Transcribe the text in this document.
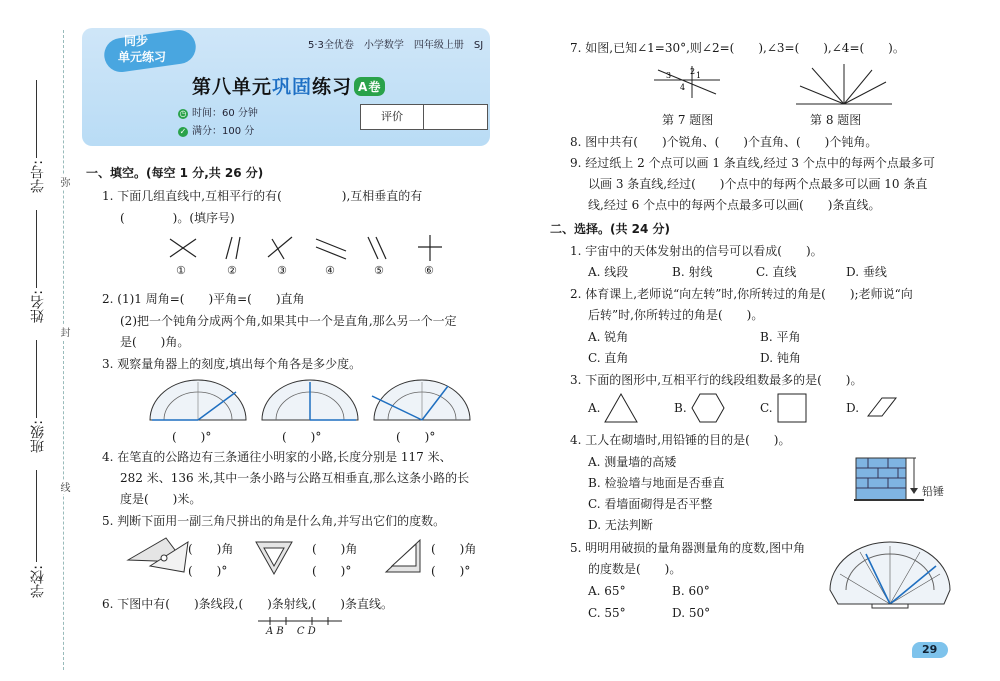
学号:
姓名:
班级:
学校:
弥
封
线
同步
单元练习
5·3全优卷　小学数学　四年级上册　SJ
第八单元巩固练习 A卷
◷ 时间：60 分钟
✓ 满分：100 分
评价
一、填空。(每空 1 分,共 26 分)
1. 下面几组直线中,互相平行的有(　　　　　),互相垂直的有
(　　　　)。(填序号)
①	②	③	④	⑤	⑥
2. (1)1 周角=(　　)平角=(　　)直角
(2)把一个钝角分成两个角,如果其中一个是直角,那么另一个一定
是(　　)角。
3. 观察量角器上的刻度,填出每个角各是多少度。
(　　)°	(　　)°	(　　)°
4. 在笔直的公路边有三条通往小明家的小路,长度分别是 117 米、
282 米、136 米,其中一条小路与公路互相垂直,那么这条小路的长
度是(　　)米。
5. 判断下面用一副三角尺拼出的角是什么角,并写出它们的度数。
(　　)角
(　　)°
(　　)角
(　　)°
(　　)角
(　　)°
6. 下图中有(　　)条线段,(　　)条射线,(　　)条直线。
A B　 C D
7. 如图,已知∠1=30°,则∠2=(　　),∠3=(　　),∠4=(　　)。
3 2 1
4
第 7 题图	第 8 题图
8. 图中共有(　　)个锐角、(　　)个直角、(　　)个钝角。
9. 经过纸上 2 个点可以画 1 条直线,经过 3 个点中的每两个点最多可
以画 3 条直线,经过(　　)个点中的每两个点最多可以画 10 条直
线,经过 6 个点中的每两个点最多可以画(　　)条直线。
二、选择。(共 24 分)
1. 宇宙中的天体发射出的信号可以看成(　　)。
A. 线段	B. 射线	C. 直线	D. 垂线
2. 体育课上,老师说“向左转”时,你所转过的角是(　　);老师说“向
后转”时,你所转过的角是(　　)。
A. 锐角	B. 平角
C. 直角	D. 钝角
3. 下面的图形中,互相平行的线段组数最多的是(　　)。
A.	B.	C.	D.
4. 工人在砌墙时,用铅锤的目的是(　　)。
A. 测量墙的高矮
B. 检验墙与地面是否垂直
C. 看墙面砌得是否平整
D. 无法判断
铅锤
5. 明明用破损的量角器测量角的度数,图中角
的度数是(　　)。
A. 65°	B. 60°
C. 55°	D. 50°
29
